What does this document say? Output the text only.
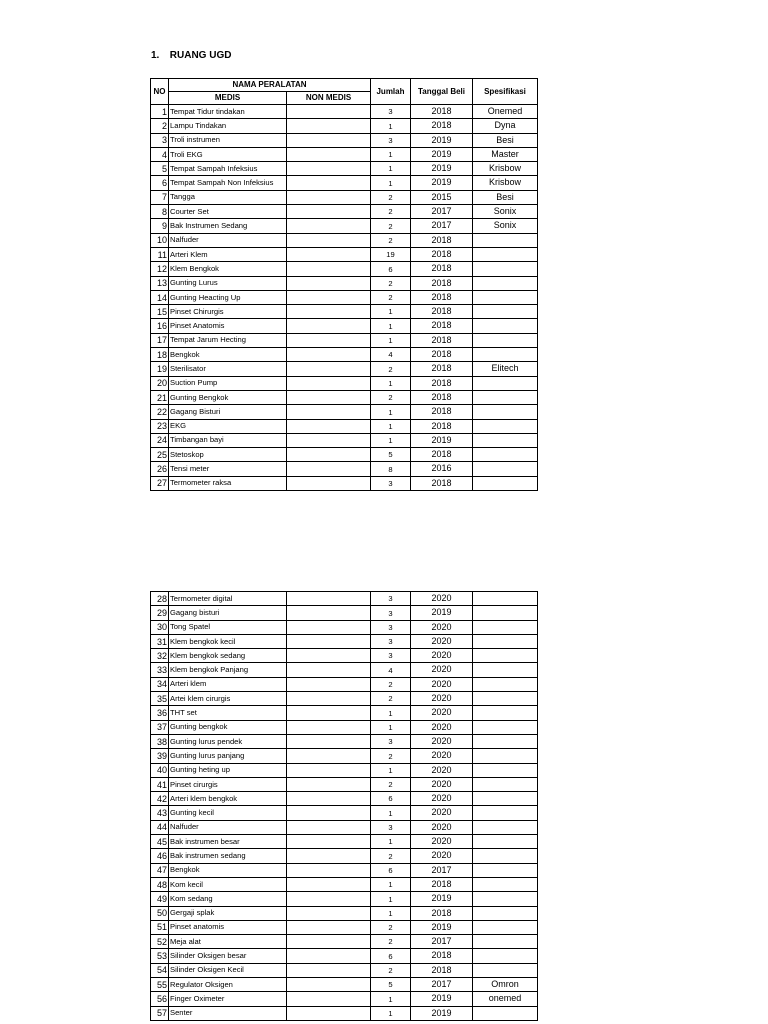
1. RUANG UGD
NO	NAMA PERALATAN		Jumlah	Tanggal Beli	Spesifikasi
	MEDIS	NON MEDIS			
1	Tempat Tidur tindakan		3	2018	Onemed
2	Lampu Tindakan		1	2018	Dyna
3	Troli instrumen		3	2019	Besi
4	Troli EKG		1	2019	Master
5	Tempat Sampah Infeksius		1	2019	Krisbow
6	Tempat Sampah Non Infeksius		1	2019	Krisbow
7	Tangga		2	2015	Besi
8	Courter Set		2	2017	Sonix
9	Bak Instrumen Sedang		2	2017	Sonix
10	Nalfuder		2	2018	
11	Arteri Klem		19	2018	
12	Klem Bengkok		6	2018	
13	Gunting Lurus		2	2018	
14	Gunting Heacting Up		2	2018	
15	Pinset Chirurgis		1	2018	
16	Pinset Anatomis		1	2018	
17	Tempat Jarum Hecting		1	2018	
18	Bengkok		4	2018	
19	Sterilisator		2	2018	Elitech
20	Suction Pump		1	2018	
21	Gunting Bengkok		2	2018	
22	Gagang Bisturi		1	2018	
23	EKG		1	2018	
24	Timbangan bayi		1	2019	
25	Stetoskop		5	2018	
26	Tensi meter		8	2016	
27	Termometer raksa		3	2018	
28	Termometer digital		3	2020	
29	Gagang bisturi		3	2019	
30	Tong Spatel		3	2020	
31	Klem bengkok kecil		3	2020	
32	Klem bengkok sedang		3	2020	
33	Klem bengkok Panjang		4	2020	
34	Arteri klem		2	2020	
35	Artei klem cirurgis		2	2020	
36	THT set		1	2020	
37	Gunting bengkok		1	2020	
38	Gunting lurus pendek		3	2020	
39	Gunting lurus panjang		2	2020	
40	Gunting heting up		1	2020	
41	Pinset cirurgis		2	2020	
42	Arteri klem bengkok		6	2020	
43	Gunting kecil		1	2020	
44	Nalfuder		3	2020	
45	Bak instrumen besar		1	2020	
46	Bak instrumen sedang		2	2020	
47	Bengkok		6	2017	
48	Kom kecil		1	2018	
49	Kom sedang		1	2019	
50	Gergaji splak		1	2018	
51	Pinset anatomis		2	2019	
52	Meja alat		2	2017	
53	Silinder Oksigen besar		6	2018	
54	Silinder Oksigen Kecil		2	2018	
55	Regulator Oksigen		5	2017	Omron
56	Finger Oximeter		1	2019	onemed
57	Senter		1	2019	
